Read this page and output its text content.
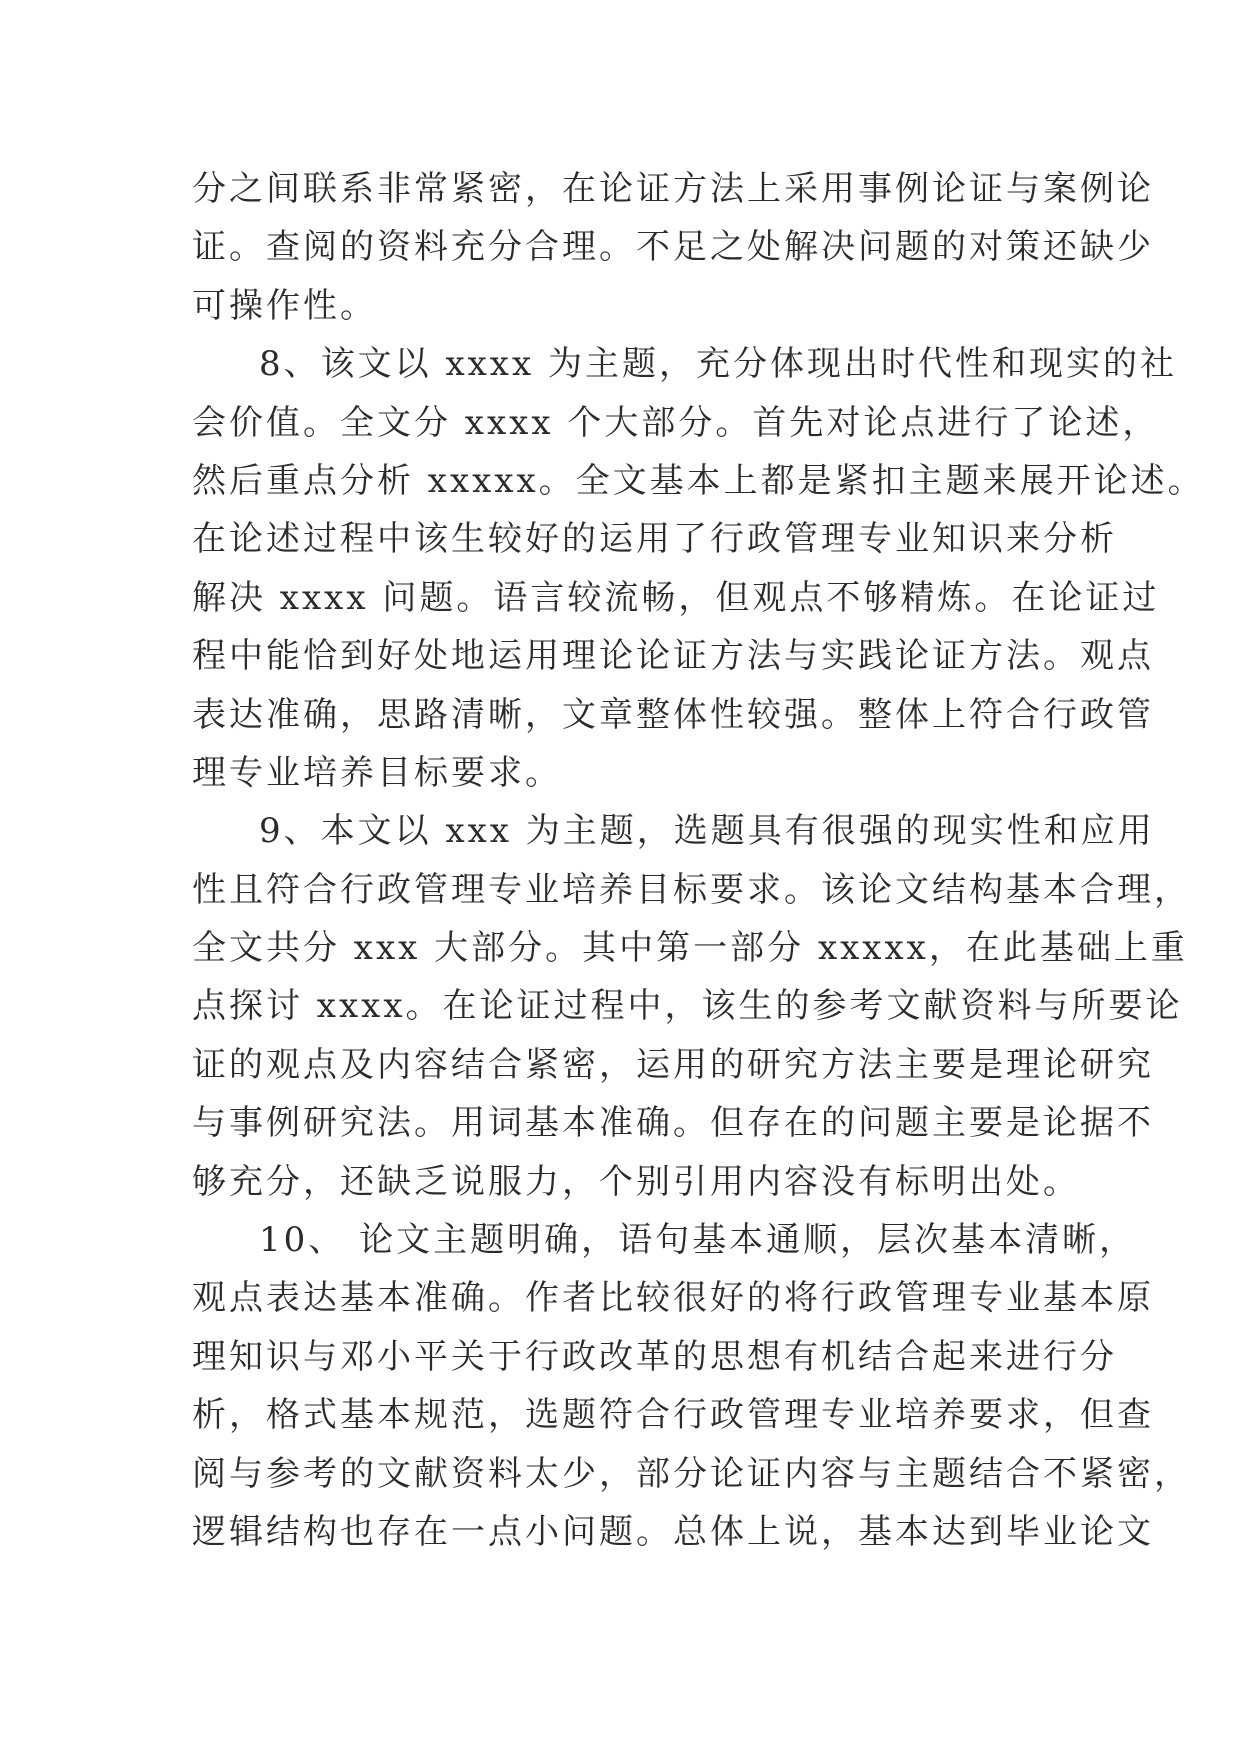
分之间联系非常紧密，在论证方法上采用事例论证与案例论
证。查阅的资料充分合理。不足之处解决问题的对策还缺少
可操作性。
8、该文以 xxxx 为主题，充分体现出时代性和现实的社
会价值。全文分 xxxx 个大部分。首先对论点进行了论述，
然后重点分析 xxxxx。全文基本上都是紧扣主题来展开论述。
在论述过程中该生较好的运用了行政管理专业知识来分析
解决 xxxx 问题。语言较流畅，但观点不够精炼。在论证过
程中能恰到好处地运用理论论证方法与实践论证方法。观点
表达准确，思路清晰，文章整体性较强。整体上符合行政管
理专业培养目标要求。
9、本文以 xxx 为主题，选题具有很强的现实性和应用
性且符合行政管理专业培养目标要求。该论文结构基本合理，
全文共分 xxx 大部分。其中第一部分 xxxxx，在此基础上重
点探讨 xxxx。在论证过程中，该生的参考文献资料与所要论
证的观点及内容结合紧密，运用的研究方法主要是理论研究
与事例研究法。用词基本准确。但存在的问题主要是论据不
够充分，还缺乏说服力，个别引用内容没有标明出处。
10、 论文主题明确，语句基本通顺，层次基本清晰，
观点表达基本准确。作者比较很好的将行政管理专业基本原
理知识与邓小平关于行政改革的思想有机结合起来进行分
析，格式基本规范，选题符合行政管理专业培养要求，但查
阅与参考的文献资料太少，部分论证内容与主题结合不紧密，
逻辑结构也存在一点小问题。总体上说，基本达到毕业论文
